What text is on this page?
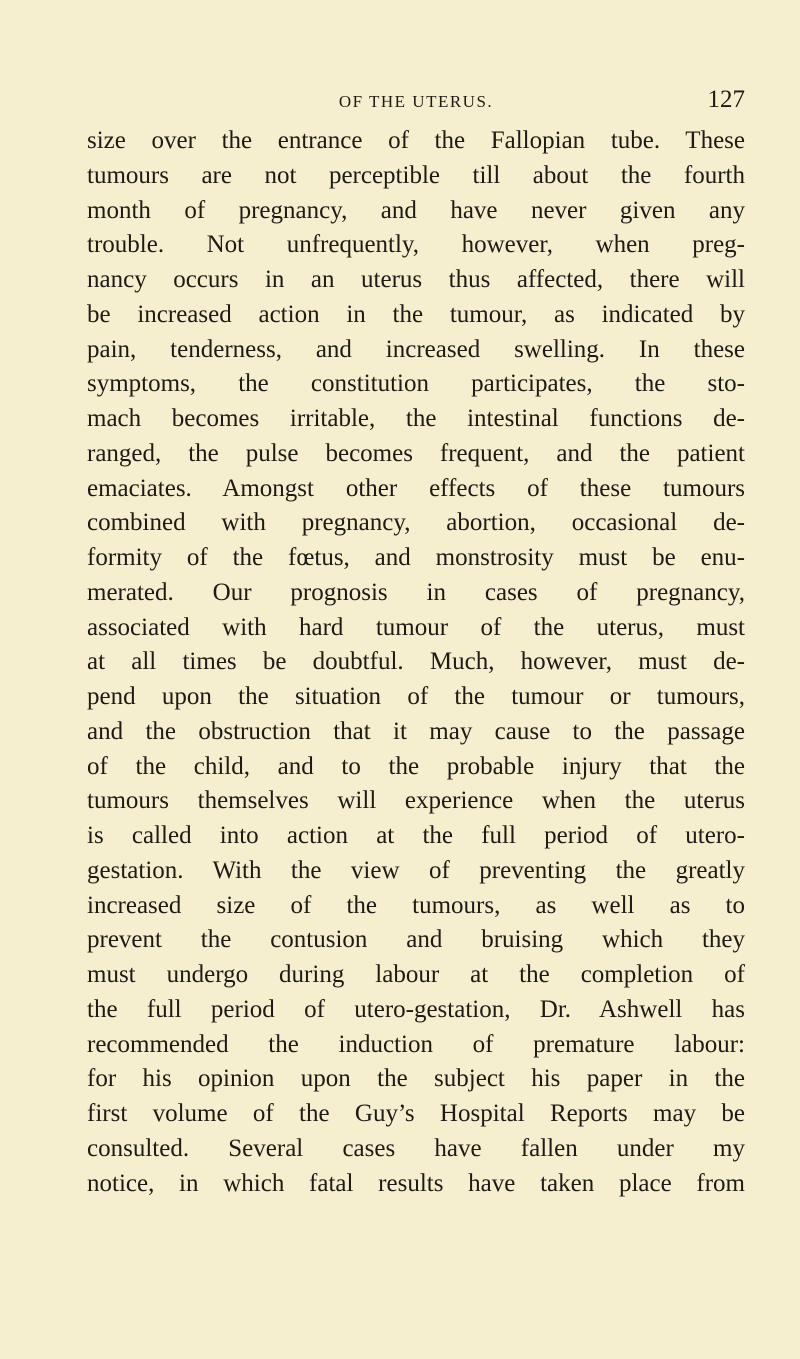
OF THE UTERUS.	127
size over the entrance of the Fallopian tube. These
tumours are not perceptible till about the fourth
month of pregnancy, and have never given any
trouble. Not unfrequently, however, when preg-
nancy occurs in an uterus thus affected, there will
be increased action in the tumour, as indicated by
pain, tenderness, and increased swelling. In these
symptoms, the constitution participates, the sto-
mach becomes irritable, the intestinal functions de-
ranged, the pulse becomes frequent, and the patient
emaciates. Amongst other effects of these tumours
combined with pregnancy, abortion, occasional de-
formity of the fœtus, and monstrosity must be enu-
merated. Our prognosis in cases of pregnancy,
associated with hard tumour of the uterus, must
at all times be doubtful. Much, however, must de-
pend upon the situation of the tumour or tumours,
and the obstruction that it may cause to the passage
of the child, and to the probable injury that the
tumours themselves will experience when the uterus
is called into action at the full period of utero-
gestation. With the view of preventing the greatly
increased size of the tumours, as well as to
prevent the contusion and bruising which they
must undergo during labour at the completion of
the full period of utero-gestation, Dr. Ashwell has
recommended the induction of premature labour:
for his opinion upon the subject his paper in the
first volume of the Guy’s Hospital Reports may be
consulted. Several cases have fallen under my
notice, in which fatal results have taken place from
